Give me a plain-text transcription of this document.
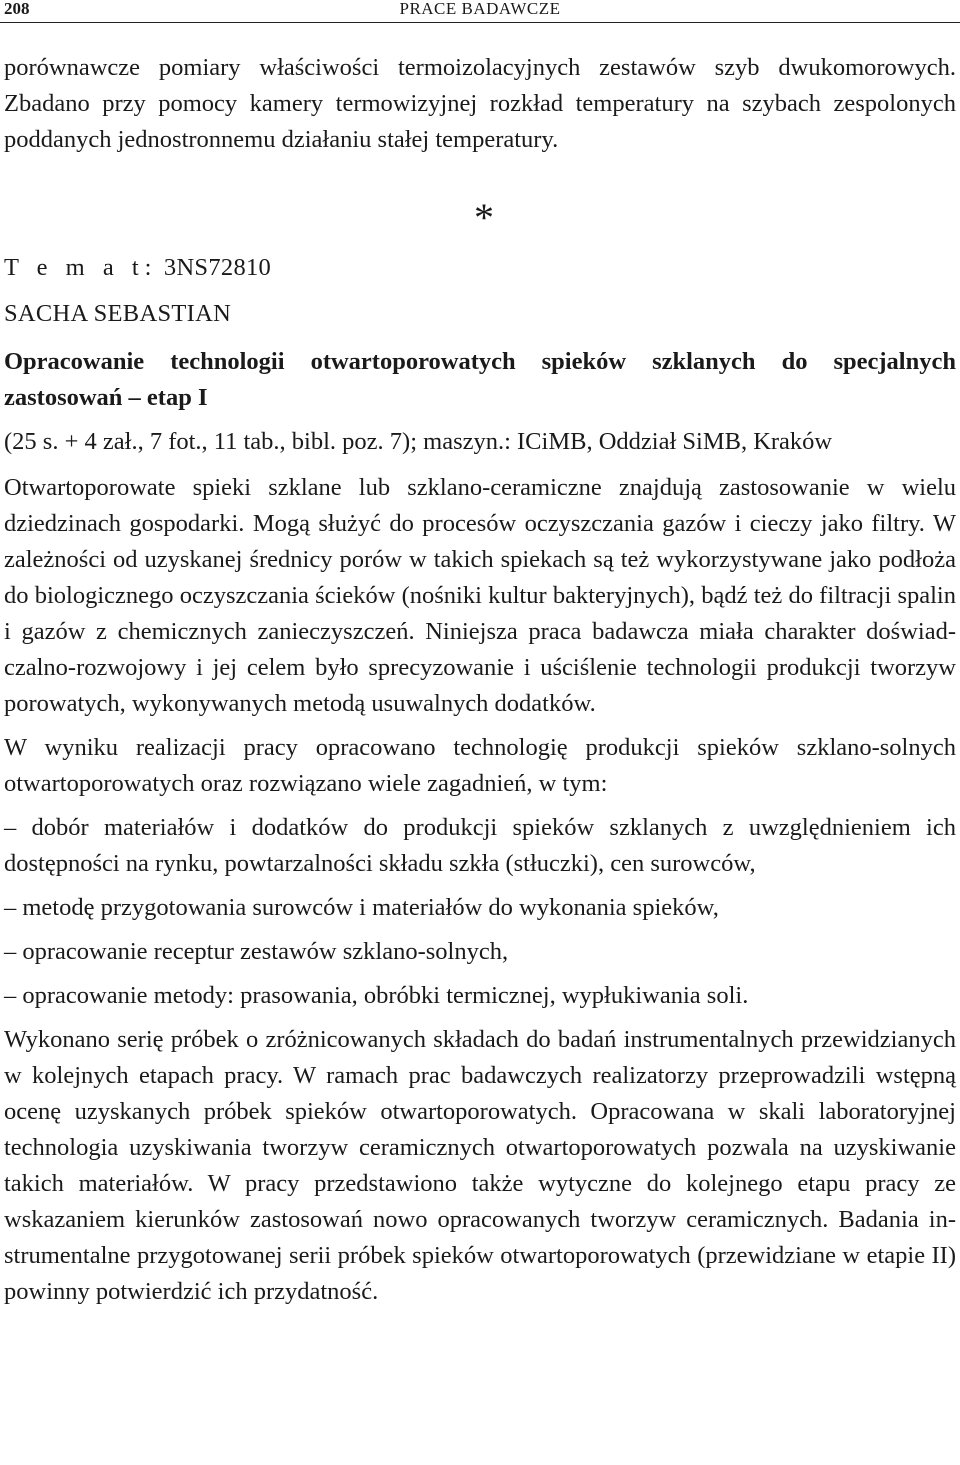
208	PRACE BADAWCZE

porównawcze pomiary właściwości termoizolacyjnych zestawów szyb dwukomorowych. Zbadano przy pomocy kamery termowizyjnej rozkład temperatury na szybach zespolonych poddanych jednostronnemu działaniu stałej temperatury.

*

T e m a t: 3NS72810

SACHA SEBASTIAN

Opracowanie technologii otwartoporowatych spieków szklanych do specjalnych zastosowań – etap I

(25 s. + 4 zał., 7 fot., 11 tab., bibl. poz. 7); maszyn.: ICiMB, Oddział SiMB, Kraków

Otwartoporowate spieki szklane lub szklano-ceramiczne znajdują zastosowanie w wielu dziedzinach gospodarki. Mogą służyć do procesów oczyszczania gazów i cieczy jako filtry. W zależności od uzyskanej średnicy porów w takich spiekach są też wykorzystywane jako podłoża do biologicznego oczyszczania ścieków (nośniki kultur bakteryjnych), bądź też do filtracji spalin i gazów z chemicznych zanieczyszczeń. Niniejsza praca badawcza miała charakter doświadczalno-rozwojowy i jej celem było sprecyzowanie i uściślenie technologii produkcji tworzyw porowatych, wykonywanych metodą usuwalnych dodatków.

W wyniku realizacji pracy opracowano technologię produkcji spieków szklano-solnych otwartoporowatych oraz rozwiązano wiele zagadnień, w tym:

– dobór materiałów i dodatków do produkcji spieków szklanych z uwzględnieniem ich dostępności na rynku, powtarzalności składu szkła (stłuczki), cen surowców,

– metodę przygotowania surowców i materiałów do wykonania spieków,

– opracowanie receptur zestawów szklano-solnych,

– opracowanie metody: prasowania, obróbki termicznej, wypłukiwania soli.

Wykonano serię próbek o zróżnicowanych składach do badań instrumentalnych przewidzianych w kolejnych etapach pracy. W ramach prac badawczych realizatorzy przeprowadzili wstępną ocenę uzyskanych próbek spieków otwartoporowatych. Opracowana w skali laboratoryjnej technologia uzyskiwania tworzyw ceramicznych otwartoporowatych pozwala na uzyskiwanie takich materiałów. W pracy przedstawiono także wytyczne do kolejnego etapu pracy ze wskazaniem kierunków zastosowań nowo opracowanych tworzyw ceramicznych. Badania instrumentalne przygotowanej serii próbek spieków otwartoporowatych (przewidziane w etapie II) powinny potwierdzić ich przydatność.
